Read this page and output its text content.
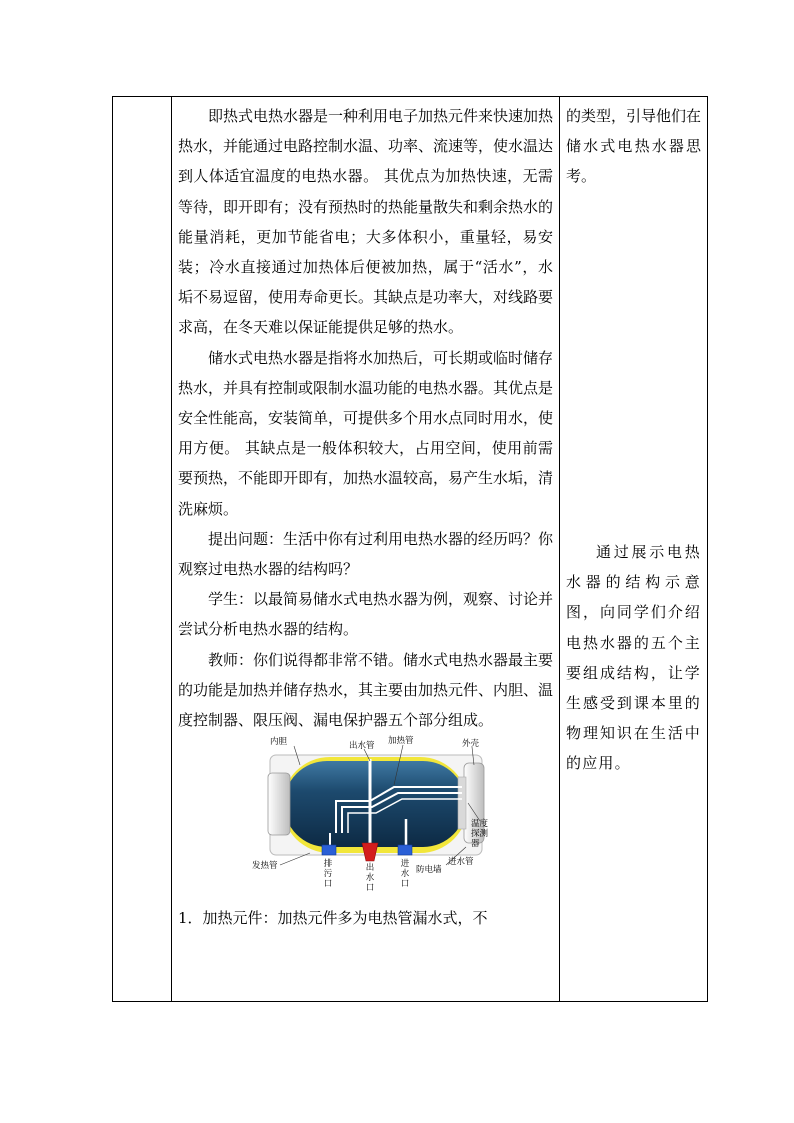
即热式电热水器是一种利用电子加热元件来快速加热热水，并能通过电路控制水温、功率、流速等，使水温达到人体适宜温度的电热水器。 其优点为加热快速，无需等待，即开即有；没有预热时的热能量散失和剩余热水的能量消耗，更加节能省电；大多体积小，重量轻，易安装；冷水直接通过加热体后便被加热，属于“活水”，水垢不易逗留，使用寿命更长。其缺点是功率大，对线路要求高，在冬天难以保证能提供足够的热水。

储水式电热水器是指将水加热后，可长期或临时储存热水，并具有控制或限制水温功能的电热水器。其优点是安全性能高，安装简单，可提供多个用水点同时用水，使用方便。 其缺点是一般体积较大，占用空间，使用前需要预热，不能即开即有，加热水温较高，易产生水垢，清洗麻烦。

提出问题：生活中你有过利用电热水器的经历吗？你观察过电热水器的结构吗？

学生：以最简易储水式电热水器为例，观察、讨论并尝试分析电热水器的结构。

教师：你们说得都非常不错。储水式电热水器最主要的功能是加热并储存热水，其主要由加热元件、内胆、温度控制器、限压阀、漏电保护器五个部分组成。

内胆	出水管 加热管	外壳
温度探测器
发热管	排污口
出水口
进水口
防电墙
进水管

1．加热元件：加热元件多为电热管漏水式，不

的类型，引导他们在储水式电热水器思考。

通过展示电热水器的结构示意图，向同学们介绍电热水器的五个主要组成结构，让学生感受到课本里的物理知识在生活中的应用。
